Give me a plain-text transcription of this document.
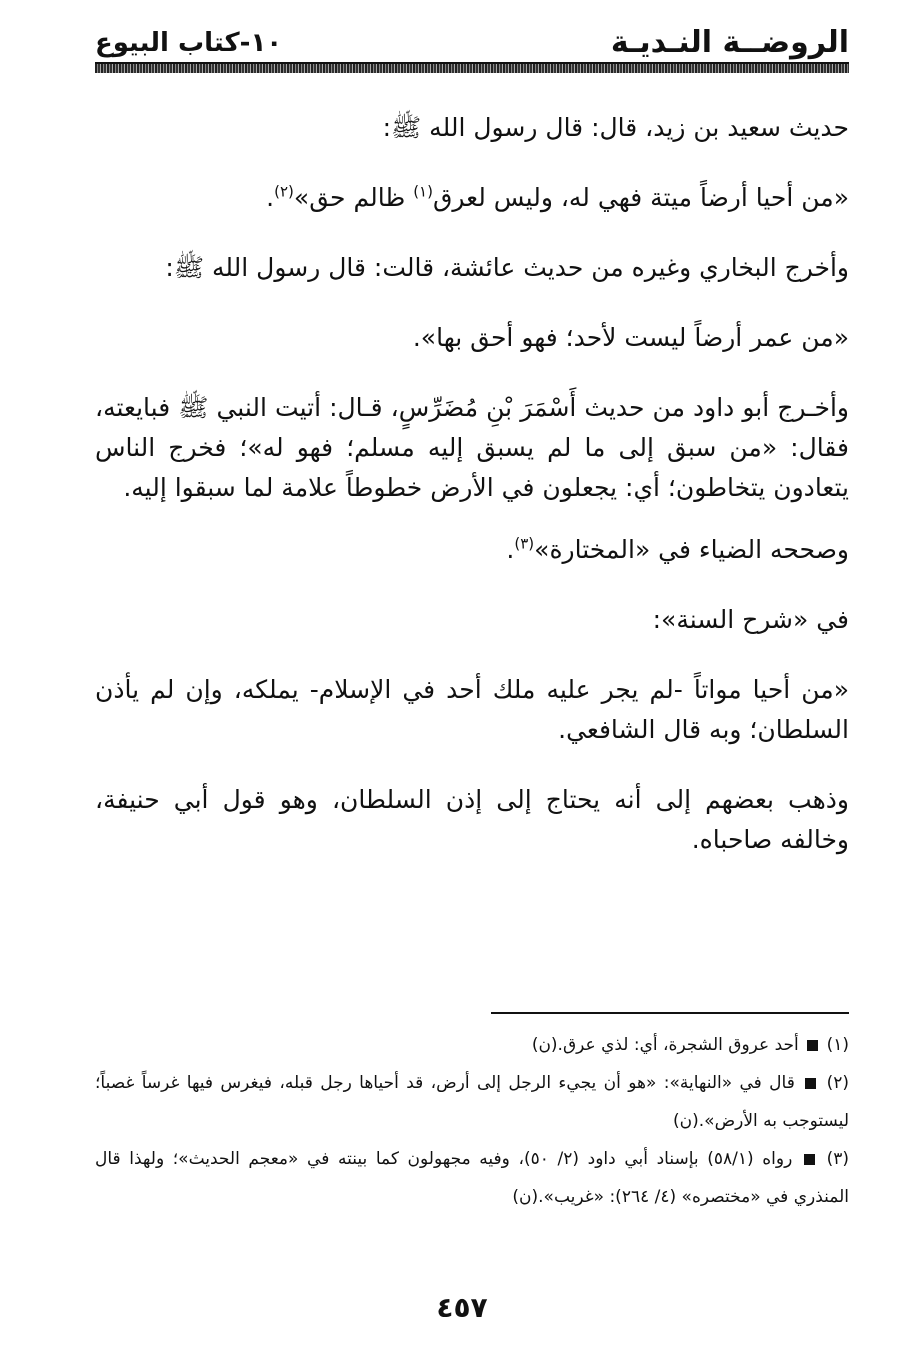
الروضــة النـديـة
١٠-كتاب البيوع

حديث سعيد بن زيد، قال: قال رسول الله ﷺ:

«من أحيا أرضاً ميتة فهي له، وليس لعرق$^{(١)}$ ظالم حق»$^{(٢)}$.

وأخرج البخاري وغيره من حديث عائشة، قالت: قال رسول الله ﷺ:

«من عمر أرضاً ليست لأحد؛ فهو أحق بها».

وأخـرج أبو داود من حديث أَسْمَرَ بْنِ مُضَرِّسٍ، قـال: أتيت النبي ﷺ فبايعته، فقال: «من سبق إلى ما لم يسبق إليه مسلم؛ فهو له»؛ فخرج الناس يتعادون يتخاطون؛ أي: يجعلون في الأرض خطوطاً علامة لما سبقوا إليه.

وصححه الضياء في «المختارة»$^{(٣)}$.

في «شرح السنة»:

«من أحيا مواتاً -لم يجر عليه ملك أحد في الإسلام- يملكه، وإن لم يأذن السلطان؛ وبه قال الشافعي.

وذهب بعضهم إلى أنه يحتاج إلى إذن السلطان، وهو قول أبي حنيفة، وخالفه صاحباه.

(١)  أحد عروق الشجرة، أي: لذي عرق.(ن)

(٢)  قال في «النهاية»: «هو أن يجيء الرجل إلى أرض، قد أحياها رجل قبله، فيغرس فيها غرساً غصباً؛ ليستوجب به الأرض».(ن)

(٣)  رواه (٥٨/١) بإسناد أبي داود (٢/ ٥٠)، وفيه مجهولون كما بينته في «معجم الحديث»؛ ولهذا قال المنذري في «مختصره» (٤/ ٢٦٤): «غريب».(ن)

٤٥٧
